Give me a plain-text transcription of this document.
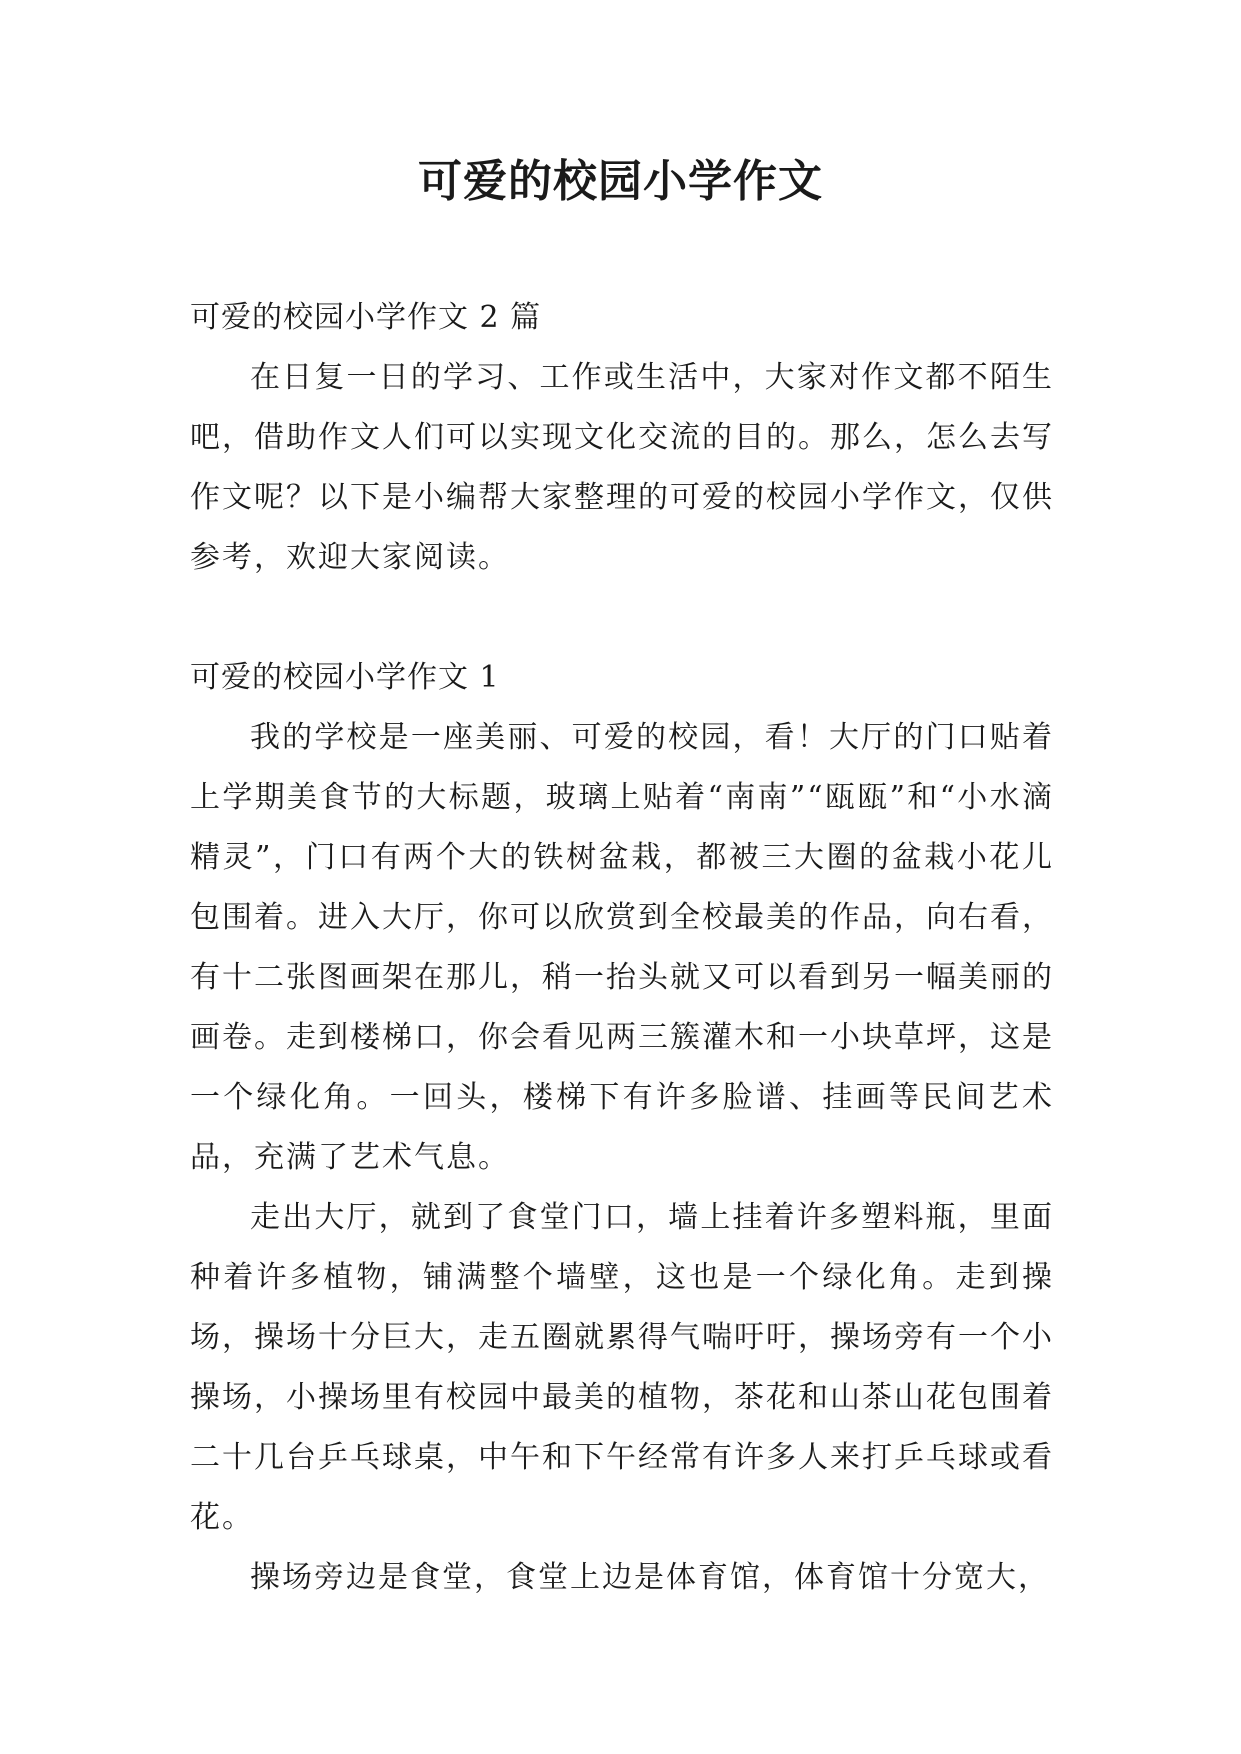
可爱的校园小学作文

可爱的校园小学作文 2 篇

在日复一日的学习、工作或生活中，大家对作文都不陌生吧，借助作文人们可以实现文化交流的目的。那么，怎么去写作文呢？以下是小编帮大家整理的可爱的校园小学作文，仅供参考，欢迎大家阅读。

可爱的校园小学作文 1

我的学校是一座美丽、可爱的校园，看！大厅的门口贴着上学期美食节的大标题，玻璃上贴着“南南”“瓯瓯”和“小水滴精灵”，门口有两个大的铁树盆栽，都被三大圈的盆栽小花儿包围着。进入大厅，你可以欣赏到全校最美的作品，向右看，有十二张图画架在那儿，稍一抬头就又可以看到另一幅美丽的画卷。走到楼梯口，你会看见两三簇灌木和一小块草坪，这是一个绿化角。一回头，楼梯下有许多脸谱、挂画等民间艺术品，充满了艺术气息。

走出大厅，就到了食堂门口，墙上挂着许多塑料瓶，里面种着许多植物，铺满整个墙壁，这也是一个绿化角。走到操场，操场十分巨大，走五圈就累得气喘吁吁，操场旁有一个小操场，小操场里有校园中最美的植物，茶花和山茶山花包围着二十几台乒乓球桌，中午和下午经常有许多人来打乒乓球或看花。

操场旁边是食堂，食堂上边是体育馆，体育馆十分宽大，
